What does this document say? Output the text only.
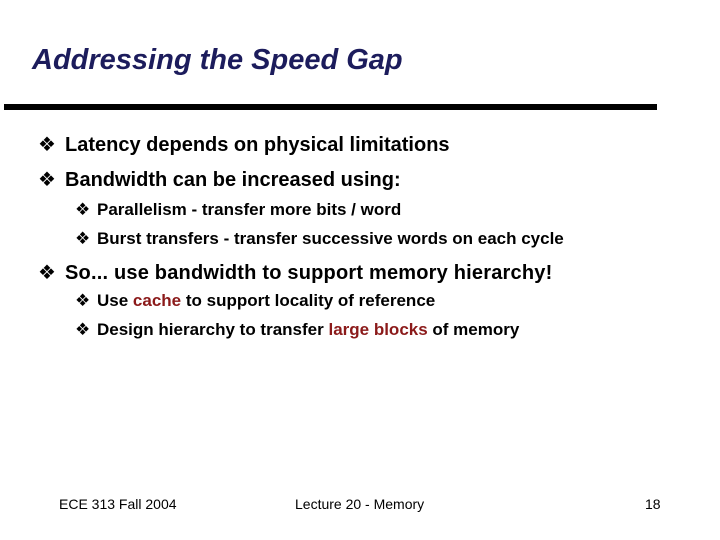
Addressing the Speed Gap
❖ Latency depends on physical limitations
❖ Bandwidth can be increased using:
❖ Parallelism - transfer more bits / word
❖ Burst transfers - transfer successive words on each cycle
❖ So... use bandwidth to support memory hierarchy!
❖ Use cache to support locality of reference
❖ Design hierarchy to transfer large blocks of memory
ECE 313 Fall 2004	Lecture 20 - Memory	18
